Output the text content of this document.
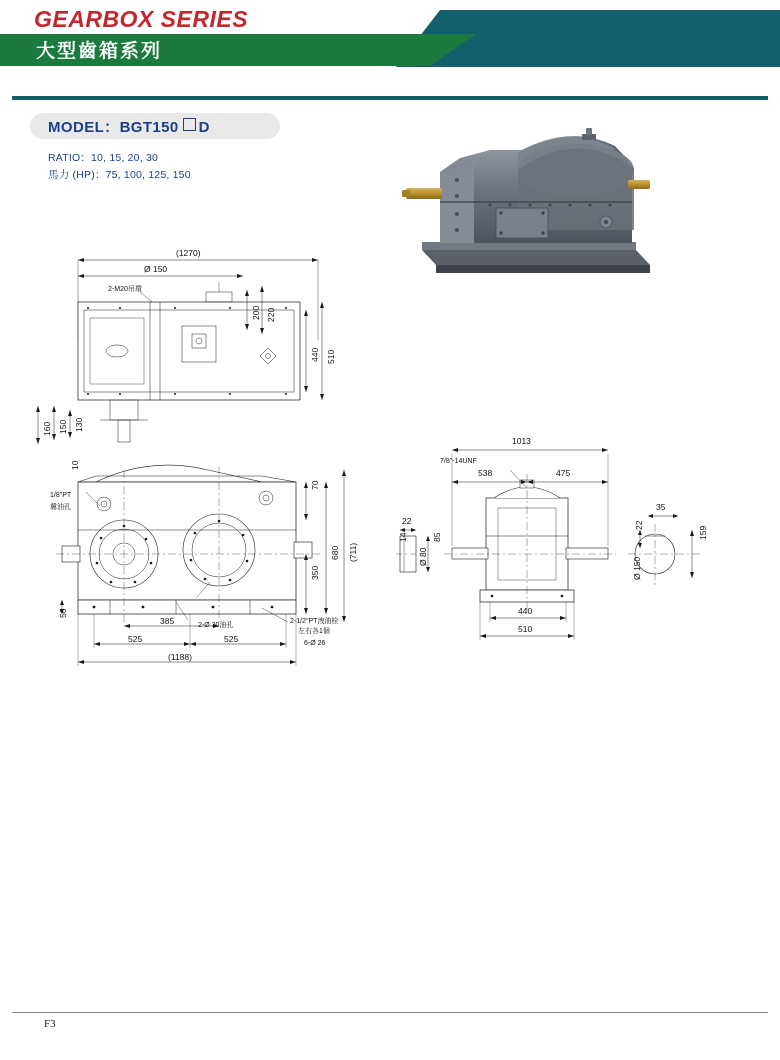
GEARBOX SERIES
大型齒箱系列
MODEL：BGT150 D
RATIO：10, 15, 20, 30
馬力 (HP)：75, 100, 125, 150
(1270)
Ø 150
2-M20吊環
200 220
440 510
160 150 130
10
1/8"PT
冀油孔
70
350
680 (711)
50
385
525	525
(1188)
2-Ø 30油孔
2-1/2"PT洩油栓
左右各1個
6-Ø 26
22
14	85
Ø 80
1013
7/8"-14UNF
538	475
440
510
35
22
159
Ø 150
F3
